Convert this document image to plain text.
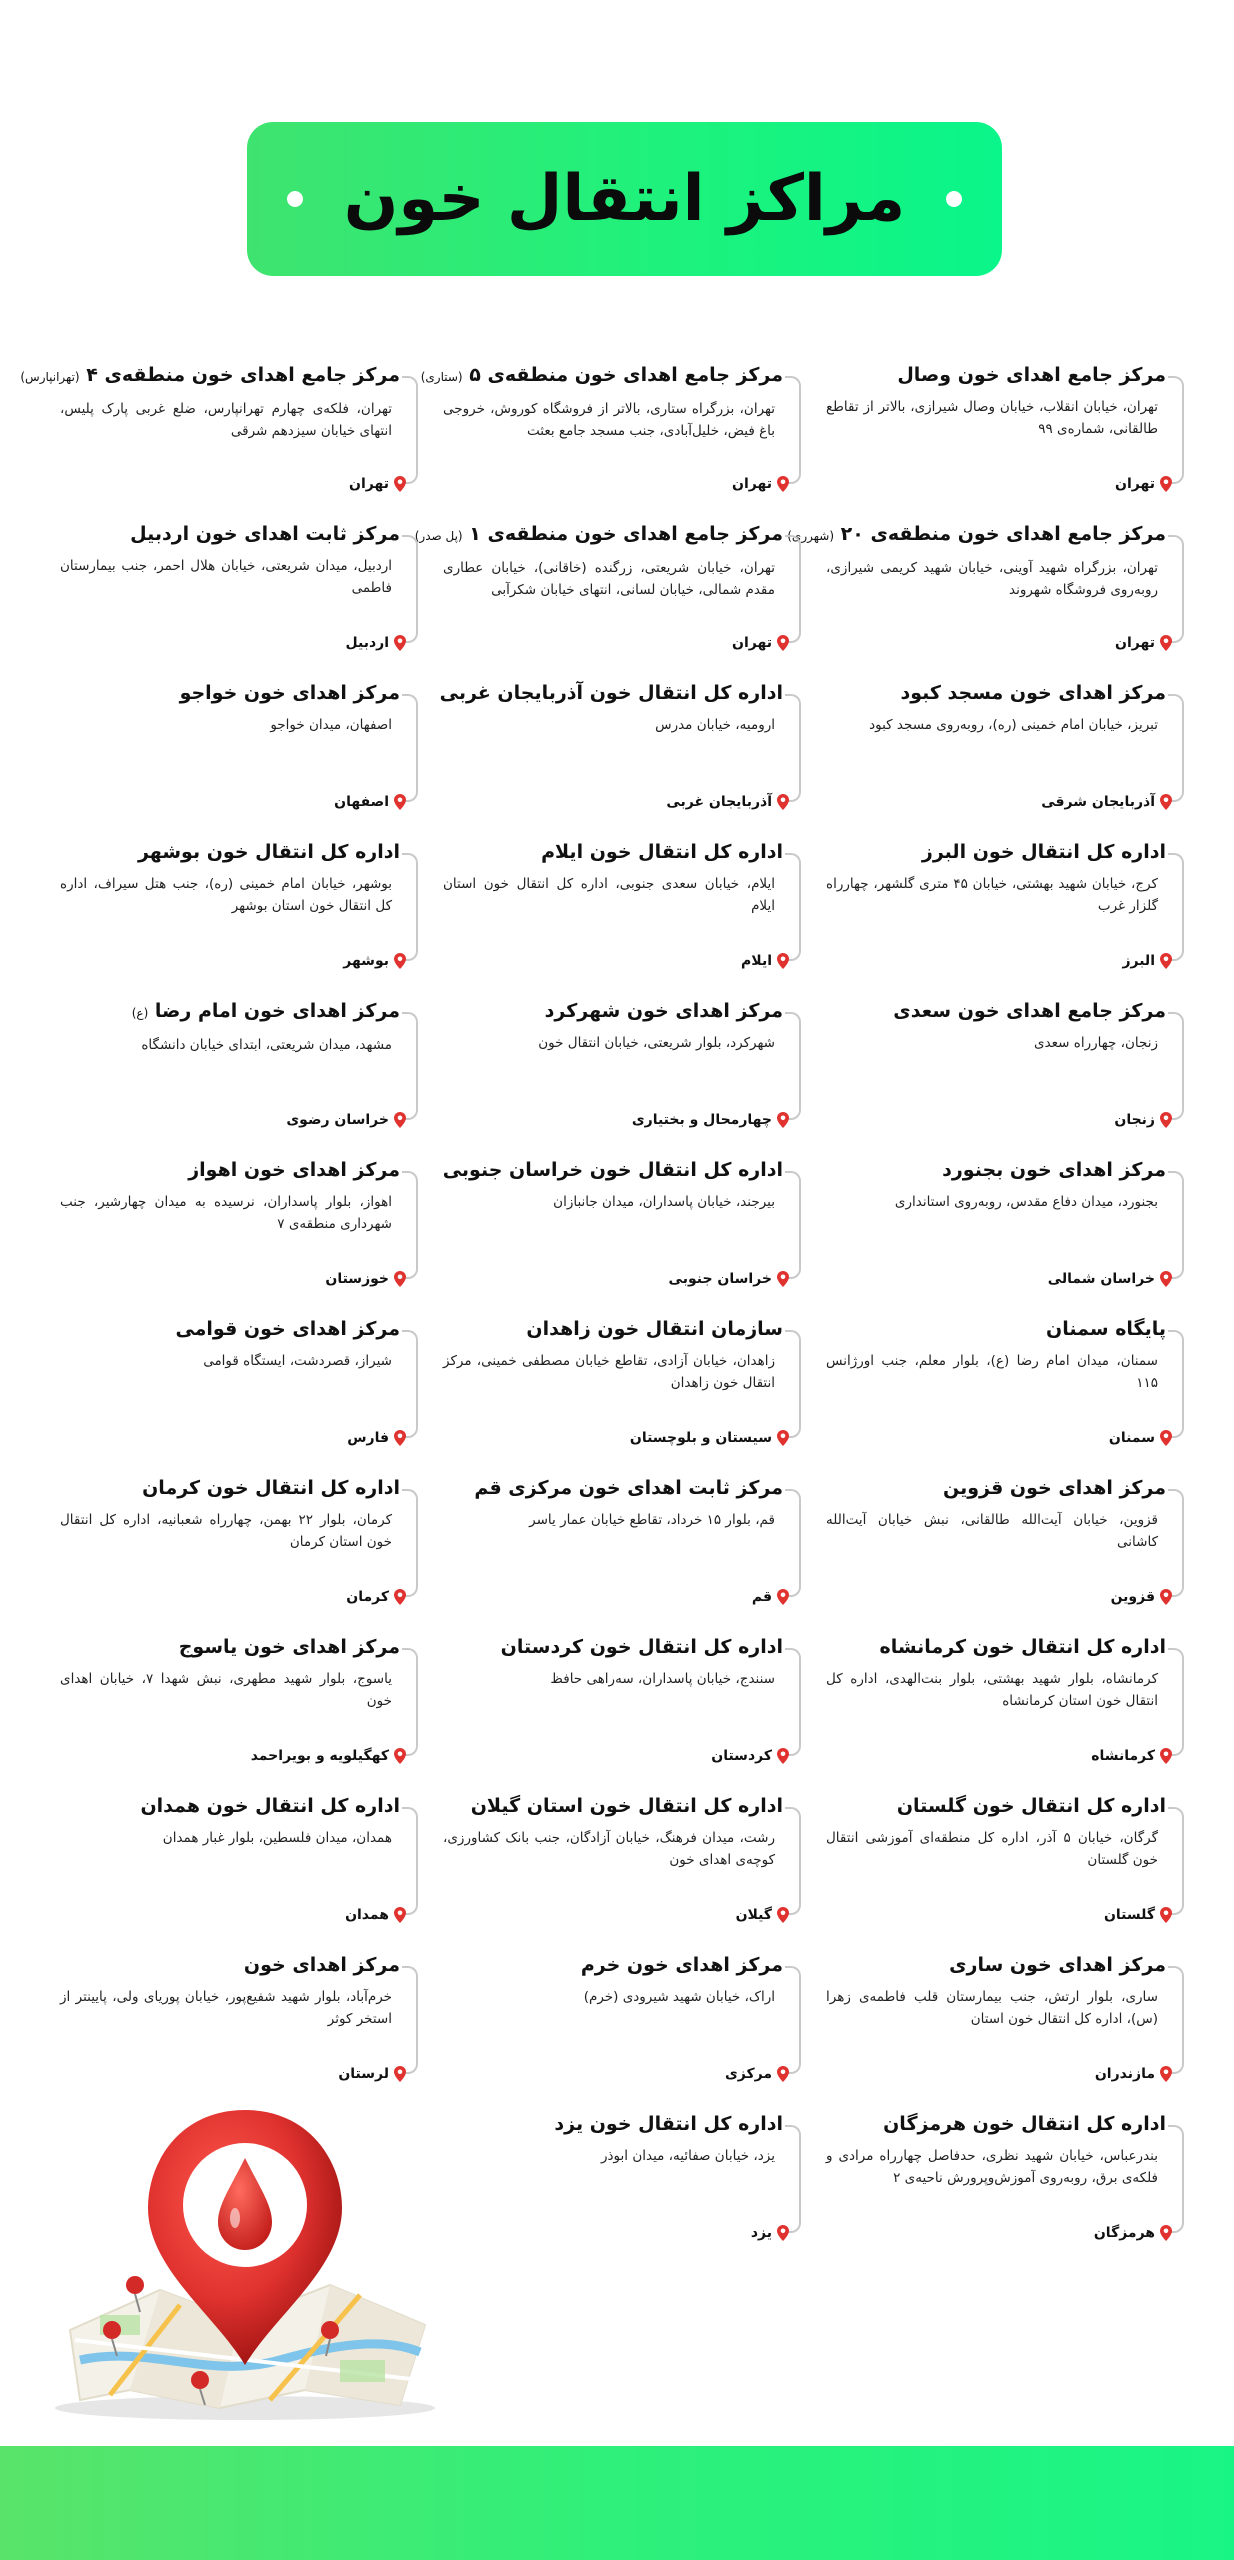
مراکز انتقال خون
مرکز جامع اهدای خون وصال

تهران، خیابان انقلاب، خیابان وصال شیرازی، بالاتر از تقاطع طالقانی، شماره‌ی ۹۹

تهران
مرکز جامع اهدای خون منطقه‌ی ۵ (ستاری)

تهران، بزرگراه ستاری، بالاتر از فروشگاه کوروش، خروجی باغ فیض، خلیل‌آبادی، جنب مسجد جامع بعثت

تهران
مرکز جامع اهدای خون منطقه‌ی ۴ (تهرانپارس)

تهران، فلکه‌ی چهارم تهرانپارس، ضلع غربی پارک پلیس، انتهای خیابان سیزدهم شرقی

تهران
مرکز جامع اهدای خون منطقه‌ی ۲۰ (شهرری)

تهران، بزرگراه شهید آوینی، خیابان شهید کریمی شیرازی، روبه‌روی فروشگاه شهروند

تهران
مرکز جامع اهدای خون منطقه‌ی ۱ (پل صدر)

تهران، خیابان شریعتی، زرگنده (خاقانی)، خیابان عطاری مقدم شمالی، خیابان لسانی، انتهای خیابان شکرآبی

تهران
مرکز ثابت اهدای خون اردبیل

اردبیل، میدان شریعتی، خیابان هلال احمر، جنب بیمارستان فاطمی

اردبیل
مرکز اهدای خون مسجد کبود

تبریز، خیابان امام خمینی (ره)، روبه‌روی مسجد کبود

آذربایجان شرقی
اداره کل انتقال خون آذربایجان غربی

ارومیه، خیابان مدرس

آذربایجان غربی
مرکز اهدای خون خواجو

اصفهان، میدان خواجو

اصفهان
اداره کل انتقال خون البرز

کرج، خیابان شهید بهشتی، خیابان ۴۵ متری گلشهر، چهارراه گلزار غرب

البرز
اداره کل انتقال خون ایلام

ایلام، خیابان سعدی جنوبی، اداره کل انتقال خون استان ایلام

ایلام
اداره کل انتقال خون بوشهر

بوشهر، خیابان امام خمینی (ره)، جنب هتل سیراف، اداره کل انتقال خون استان بوشهر

بوشهر
مرکز جامع اهدای خون سعدی

زنجان، چهارراه سعدی

زنجان
مرکز اهدای خون شهرکرد

شهرکرد، بلوار شریعتی، خیابان انتقال خون

چهارمحال و بختیاری
مرکز اهدای خون امام رضا (ع)

مشهد، میدان شریعتی، ابتدای خیابان دانشگاه

خراسان رضوی
مرکز اهدای خون بجنورد

بجنورد، میدان دفاع مقدس، روبه‌روی استانداری

خراسان شمالی
اداره کل انتقال خون خراسان جنوبی

بیرجند، خیابان پاسداران، میدان جانبازان

خراسان جنوبی
مرکز اهدای خون اهواز

اهواز، بلوار پاسداران، نرسیده به میدان چهارشیر، جنب شهرداری منطقه‌ی ۷

خوزستان
پایگاه سمنان

سمنان، میدان امام رضا (ع)، بلوار معلم، جنب اورژانس ۱۱۵

سمنان
سازمان انتقال خون زاهدان

زاهدان، خیابان آزادی، تقاطع خیابان مصطفی خمینی، مرکز انتقال خون زاهدان

سیستان و بلوچستان
مرکز اهدای خون قوامی

شیراز، قصردشت، ایستگاه قوامی

فارس
مرکز اهدای خون قزوین

قزوین، خیابان آیت‌الله طالقانی، نبش خیابان آیت‌الله کاشانی

قزوین
مرکز ثابت اهدای خون مرکزی قم

قم، بلوار ۱۵ خرداد، تقاطع خیابان عمار یاسر

قم
اداره کل انتقال خون کرمان

کرمان، بلوار ۲۲ بهمن، چهارراه شعبانیه، اداره کل انتقال خون استان کرمان

کرمان
اداره کل انتقال خون کرمانشاه

کرمانشاه، بلوار شهید بهشتی، بلوار بنت‌الهدی، اداره کل انتقال خون استان کرمانشاه

کرمانشاه
اداره کل انتقال خون کردستان

سنندج، خیابان پاسداران، سه‌راهی حافظ

کردستان
مرکز اهدای خون یاسوج

یاسوج، بلوار شهید مطهری، نبش شهدا ۷، خیابان اهدای خون

کهگیلویه و بویراحمد
اداره کل انتقال خون گلستان

گرگان، خیابان ۵ آذر، اداره کل منطقه‌ای آموزشی انتقال خون گلستان

گلستان
اداره کل انتقال خون استان گیلان

رشت، میدان فرهنگ، خیابان آزادگان، جنب بانک کشاورزی، کوچه‌ی اهدای خون

گیلان
اداره کل انتقال خون همدان

همدان، میدان فلسطین، بلوار غبار همدان

همدان
مرکز اهدای خون ساری

ساری، بلوار ارتش، جنب بیمارستان قلب فاطمه‌ی زهرا (س)، اداره کل انتقال خون استان

مازندران
مرکز اهدای خون خرم

اراک، خیابان شهید شیرودی (خرم)

مرکزی
مرکز اهدای خون

خرم‌آباد، بلوار شهید شفیع‌پور، خیابان پوریای ولی، پایینتر از استخر کوثر

لرستان
اداره کل انتقال خون هرمزگان

بندرعباس، خیابان شهید نظری، حدفاصل چهارراه مرادی و فلکه‌ی برق، روبه‌روی آموزش‌وپرورش ناحیه‌ی ۲

هرمزگان
اداره کل انتقال خون یزد

یزد، خیابان صفائیه، میدان ابوذر

یزد
